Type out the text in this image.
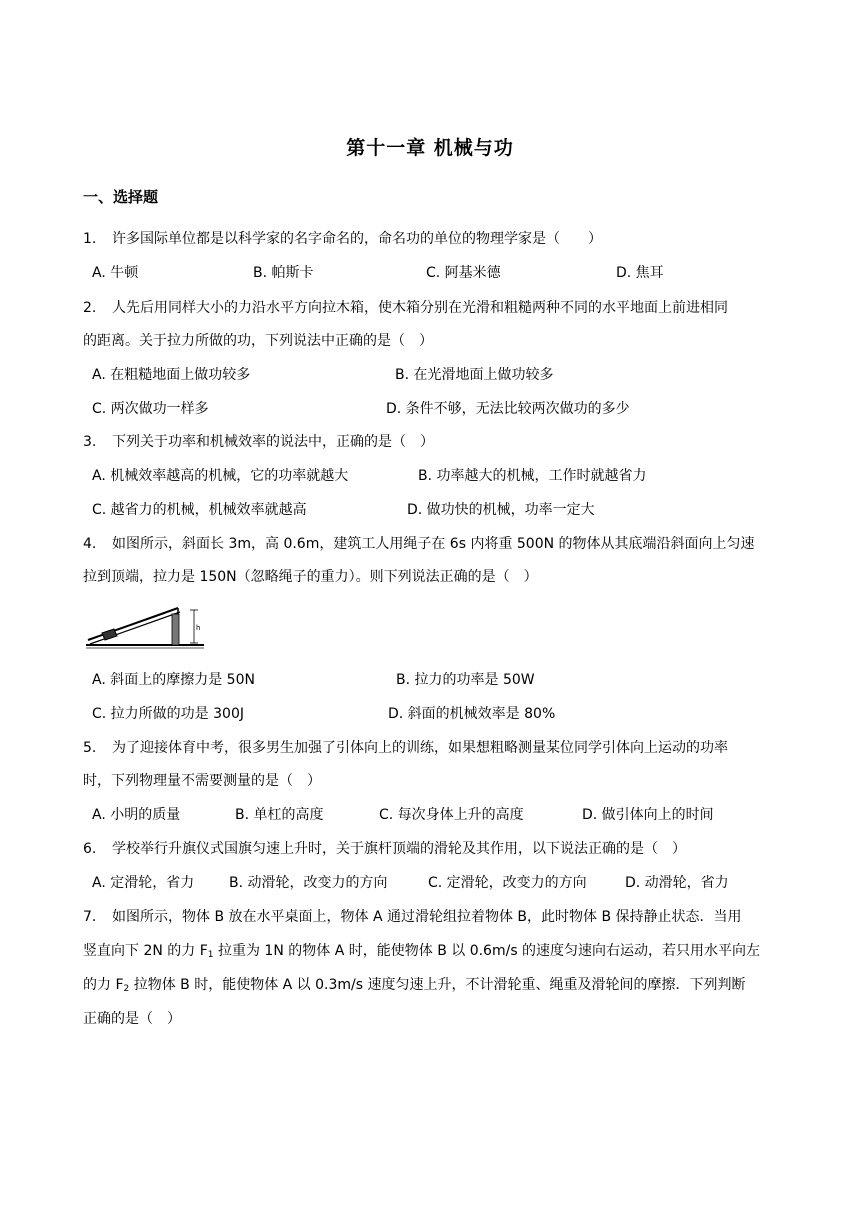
第十一章 机械与功
一、选择题
1. 许多国际单位都是以科学家的名字命名的，命名功的单位的物理学家是（　　）
A. 牛顿	B. 帕斯卡	C. 阿基米德	D. 焦耳
2. 人先后用同样大小的力沿水平方向拉木箱，使木箱分别在光滑和粗糙两种不同的水平地面上前进相同
的距离。关于拉力所做的功，下列说法中正确的是（　）
A. 在粗糙地面上做功较多	B. 在光滑地面上做功较多
C. 两次做功一样多	D. 条件不够，无法比较两次做功的多少
3. 下列关于功率和机械效率的说法中，正确的是（　）
A. 机械效率越高的机械，它的功率就越大	B. 功率越大的机械，工作时就越省力
C. 越省力的机械，机械效率就越高	D. 做功快的机械，功率一定大
4. 如图所示，斜面长 3m，高 0.6m，建筑工人用绳子在 6s 内将重 500N 的物体从其底端沿斜面向上匀速
拉到顶端，拉力是 150N（忽略绳子的重力）。则下列说法正确的是（　）
h
A. 斜面上的摩擦力是 50N	B. 拉力的功率是 50W
C. 拉力所做的功是 300J	D. 斜面的机械效率是 80%
5. 为了迎接体育中考，很多男生加强了引体向上的训练，如果想粗略测量某位同学引体向上运动的功率
时，下列物理量不需要测量的是（　）
A. 小明的质量	B. 单杠的高度	C. 每次身体上升的高度	D. 做引体向上的时间
6. 学校举行升旗仪式国旗匀速上升时，关于旗杆顶端的滑轮及其作用，以下说法正确的是（　）
A. 定滑轮，省力 B. 动滑轮，改变力的方向	C. 定滑轮，改变力的方向	D. 动滑轮，省力
7. 如图所示，物体 B 放在水平桌面上，物体 A 通过滑轮组拉着物体 B，此时物体 B 保持静止状态．当用
竖直向下 2N 的力 $F_1$ 拉重为 1N 的物体 A 时，能使物体 B 以 0.6m/s 的速度匀速向右运动，若只用水平向左
的力 $F_2$ 拉物体 B 时，能使物体 A 以 0.3m/s 速度匀速上升，不计滑轮重、绳重及滑轮间的摩擦．下列判断
正确的是（　）
